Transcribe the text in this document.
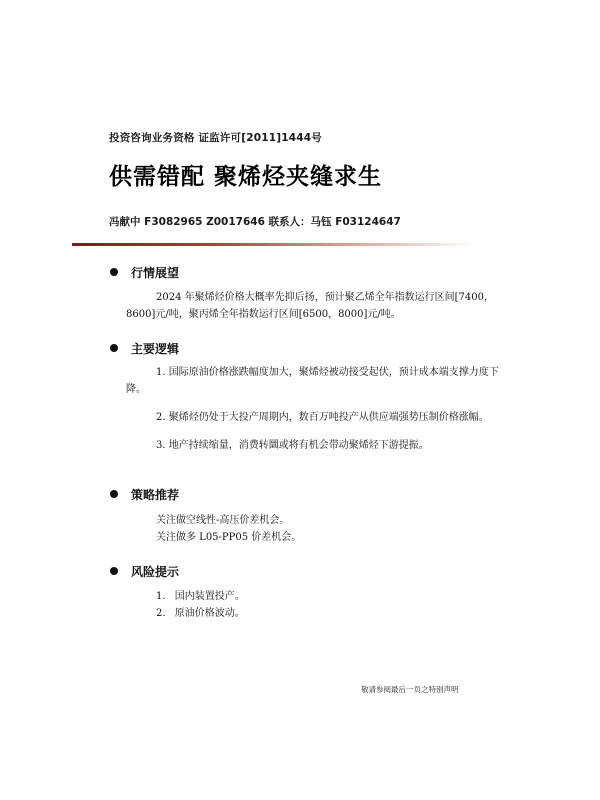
投资咨询业务资格 证监许可[2011]1444号
供需错配 聚烯烃夹缝求生
冯献中 F3082965 Z0017646 联系人：马钰 F03124647
行情展望
2024 年聚烯烃价格大概率先抑后扬，预计聚乙烯全年指数运行区间[7400，8600]元/吨，聚丙烯全年指数运行区间[6500，8000]元/吨。
主要逻辑
1. 国际原油价格涨跌幅度加大，聚烯烃被动接受起伏，预计成本端支撑力度下降。
2. 聚烯烃仍处于大投产周期内，数百万吨投产从供应端强势压制价格涨幅。
3. 地产持续缩量，消费转圜或将有机会带动聚烯烃下游提振。
策略推荐
关注做空线性-高压价差机会。
关注做多 L05-PP05 价差机会。
风险提示
1. 国内装置投产。
2. 原油价格波动。
敬请参阅最后一页之特别声明
